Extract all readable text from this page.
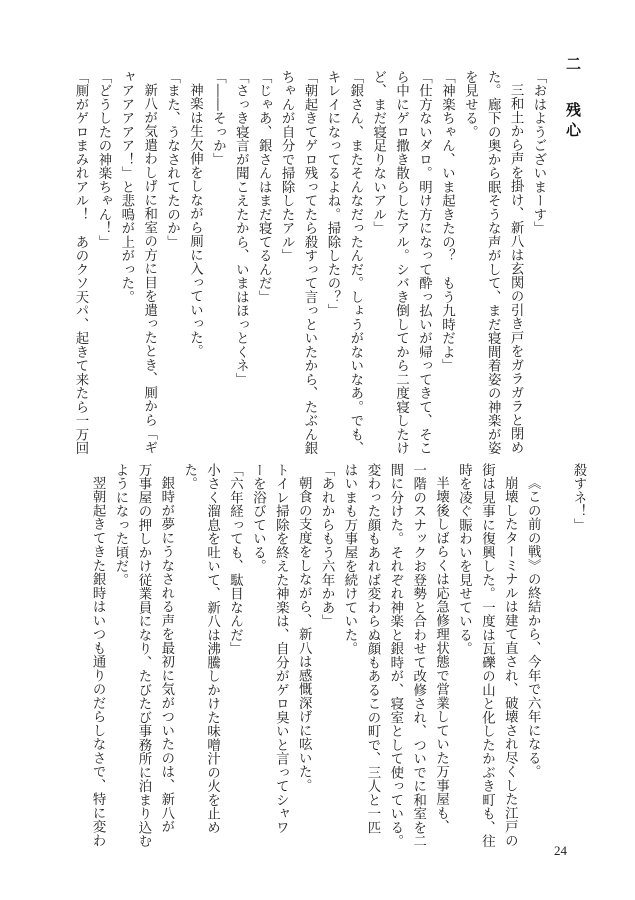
二
残心
「おはようございまーす」
三和土から声を掛け、新八は玄関の引き戸をガラガラと閉め
た。廊下の奥から眠そうな声がして、まだ寝間着姿の神楽が姿
を見せる。
「神楽ちゃん、いま起きたの？　もう九時だよ」
「仕方ないダロ。明け方になって酔っ払いが帰ってきて、そこ
ら中にゲロ撒き散らしたアル。シバき倒してから二度寝したけ
ど、まだ寝足りないアル」
「銀さん、またそんなだったんだ。しょうがないなあ。でも、
キレイになってるよね。掃除したの？」
「朝起きてゲロ残ってたら殺すって言っといたから、たぶん銀
ちゃんが自分で掃除したアル」
「じゃあ、銀さんはまだ寝てるんだ」
「さっき寝言が聞こえたから、いまはほっとくネ」
「――そっか」
神楽は生欠伸をしながら厠に入っていった。
「また、うなされてたのか」
新八が気遣わしげに和室の方に目を遣ったとき、厠から「ギ
ャアアアアア！」と悲鳴が上がった。
「どうしたの神楽ちゃん！」
「厠がゲロまみれアル！　あのクソ天パ、起きて来たら一万回
殺すネ！」
《この前の戦》の終結から、今年で六年になる。
崩壊したターミナルは建て直され、破壊され尽くした江戸の
街は見事に復興した。一度は瓦礫の山と化したかぶき町も、往
時を凌ぐ賑わいを見せている。
半壊後しばらくは応急修理状態で営業していた万事屋も、
一階のスナックお登勢と合わせて改修され、ついでに和室を二
間に分けた。それぞれ神楽と銀時が、寝室として使っている。
変わった顔もあれば変わらぬ顔もあるこの町で、三人と一匹
はいまも万事屋を続けていた。
「あれからもう六年かあ」
朝食の支度をしながら、新八は感慨深げに呟いた。
トイレ掃除を終えた神楽は、自分がゲロ臭いと言ってシャワ
ーを浴びている。
「六年経っても、駄目なんだ」
小さく溜息を吐いて、新八は沸騰しかけた味噌汁の火を止め
た。
銀時が夢にうなされる声を最初に気がついたのは、新八が
万事屋の押しかけ従業員になり、たびたび事務所に泊まり込む
ようになった頃だ。
翌朝起きてきた銀時はいつも通りのだらしなさで、特に変わ
24
